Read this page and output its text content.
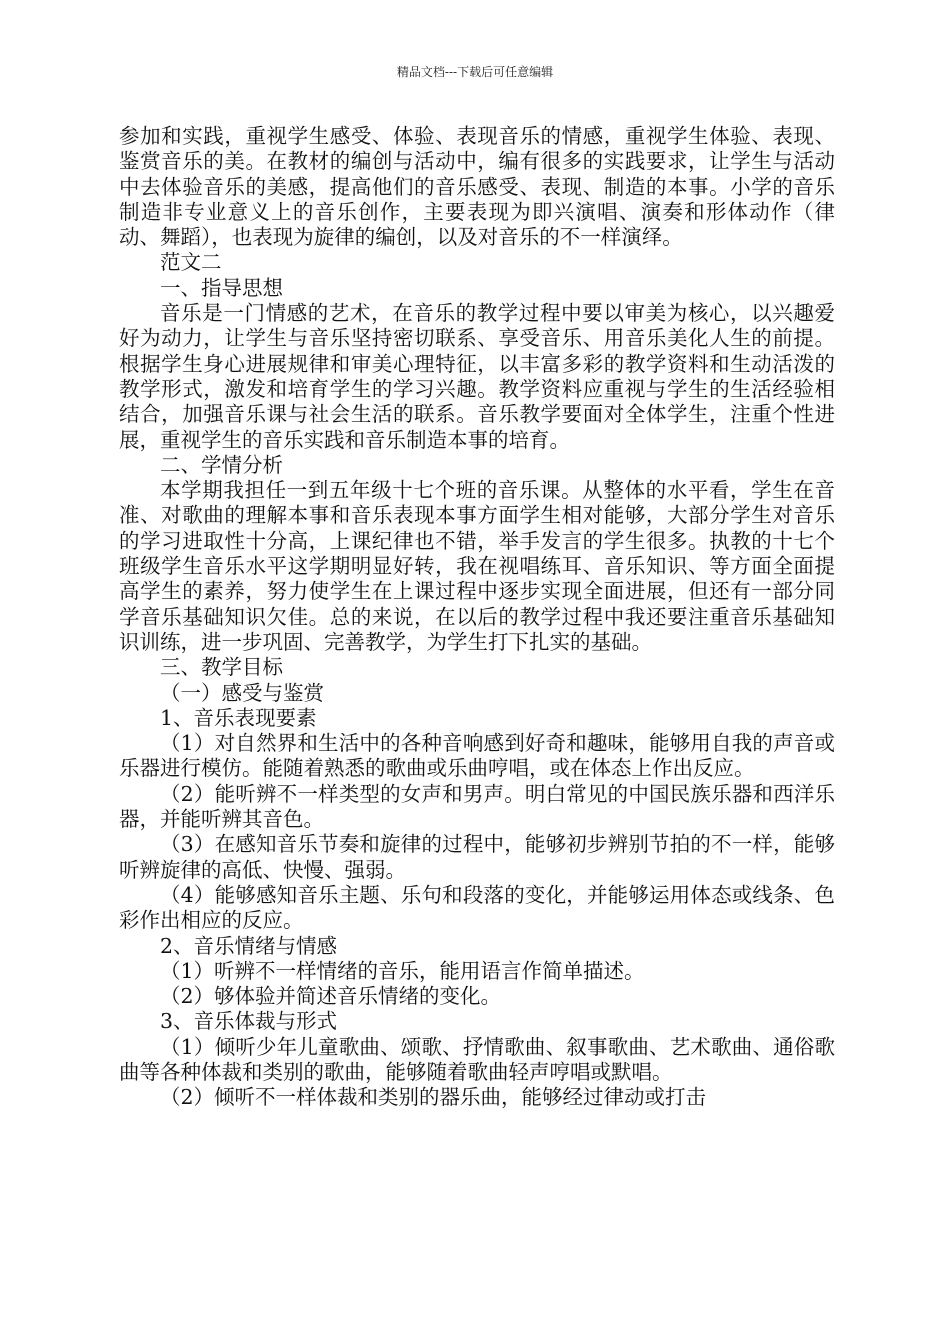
精品文档---下载后可任意编辑

参加和实践，重视学生感受、体验、表现音乐的情感，重视学生体验、表现、鉴赏音乐的美。在教材的编创与活动中，编有很多的实践要求，让学生与活动中去体验音乐的美感，提高他们的音乐感受、表现、制造的本事。小学的音乐制造非专业意义上的音乐创作，主要表现为即兴演唱、演奏和形体动作（律动、舞蹈），也表现为旋律的编创，以及对音乐的不一样演绎。

范文二

一、指导思想

音乐是一门情感的艺术，在音乐的教学过程中要以审美为核心，以兴趣爱好为动力，让学生与音乐坚持密切联系、享受音乐、用音乐美化人生的前提。根据学生身心进展规律和审美心理特征，以丰富多彩的教学资料和生动活泼的教学形式，激发和培育学生的学习兴趣。教学资料应重视与学生的生活经验相结合，加强音乐课与社会生活的联系。音乐教学要面对全体学生，注重个性进展，重视学生的音乐实践和音乐制造本事的培育。

二、学情分析

本学期我担任一到五年级十七个班的音乐课。从整体的水平看，学生在音准、对歌曲的理解本事和音乐表现本事方面学生相对能够，大部分学生对音乐的学习进取性十分高，上课纪律也不错，举手发言的学生很多。执教的十七个班级学生音乐水平这学期明显好转，我在视唱练耳、音乐知识、等方面全面提高学生的素养，努力使学生在上课过程中逐步实现全面进展，但还有一部分同学音乐基础知识欠佳。总的来说，在以后的教学过程中我还要注重音乐基础知识训练，进一步巩固、完善教学，为学生打下扎实的基础。

三、教学目标

（一）感受与鉴赏

1、音乐表现要素

（1）对自然界和生活中的各种音响感到好奇和趣味，能够用自我的声音或乐器进行模仿。能随着熟悉的歌曲或乐曲哼唱，或在体态上作出反应。

（2）能听辨不一样类型的女声和男声。明白常见的中国民族乐器和西洋乐器，并能听辨其音色。

（3）在感知音乐节奏和旋律的过程中，能够初步辨别节拍的不一样，能够听辨旋律的高低、快慢、强弱。

（4）能够感知音乐主题、乐句和段落的变化，并能够运用体态或线条、色彩作出相应的反应。

2、音乐情绪与情感

（1）听辨不一样情绪的音乐，能用语言作简单描述。

（2）够体验并简述音乐情绪的变化。

3、音乐体裁与形式

（1）倾听少年儿童歌曲、颂歌、抒情歌曲、叙事歌曲、艺术歌曲、通俗歌曲等各种体裁和类别的歌曲，能够随着歌曲轻声哼唱或默唱。

（2）倾听不一样体裁和类别的器乐曲，能够经过律动或打击
